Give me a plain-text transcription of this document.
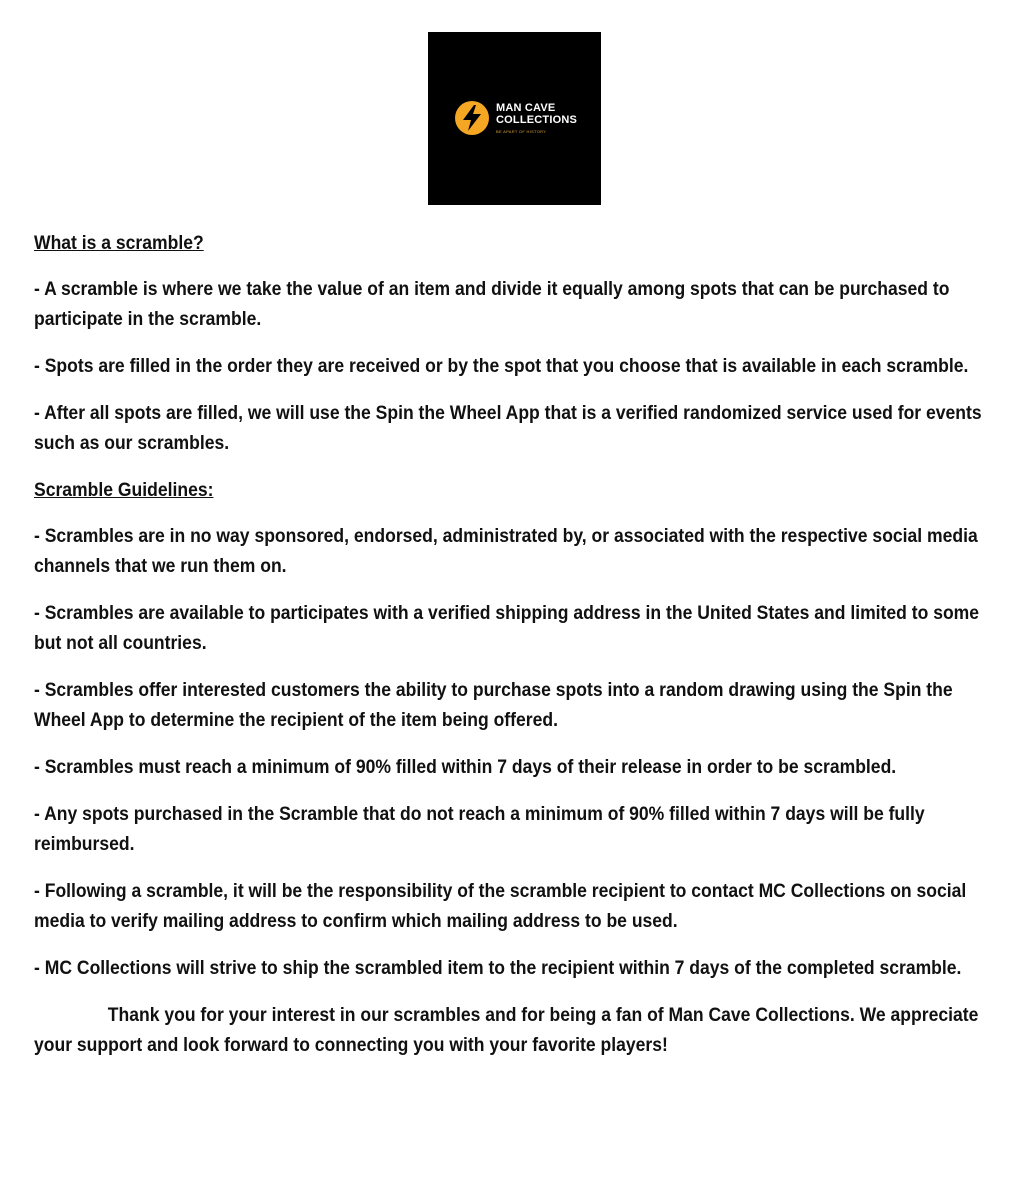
MAN CAVE
COLLECTIONS
BE APART OF HISTORY

What is a scramble?

- A scramble is where we take the value of an item and divide it equally among spots that can be purchased to participate in the scramble.

- Spots are filled in the order they are received or by the spot that you choose that is available in each scramble.

- After all spots are filled, we will use the Spin the Wheel App that is a verified randomized service used for events such as our scrambles.

Scramble Guidelines:

- Scrambles are in no way sponsored, endorsed, administrated by, or associated with the respective social media channels that we run them on.

- Scrambles are available to participates with a verified shipping address in the United States and limited to some but not all countries.

- Scrambles offer interested customers the ability to purchase spots into a random drawing using the Spin the Wheel App to determine the recipient of the item being offered.

- Scrambles must reach a minimum of 90% filled within 7 days of their release in order to be scrambled.

- Any spots purchased in the Scramble that do not reach a minimum of 90% filled within 7 days will be fully reimbursed.

- Following a scramble, it will be the responsibility of the scramble recipient to contact MC Collections on social media to verify mailing address to confirm which mailing address to be used.

- MC Collections will strive to ship the scrambled item to the recipient within 7 days of the completed scramble.

Thank you for your interest in our scrambles and for being a fan of Man Cave Collections. We appreciate your support and look forward to connecting you with your favorite players!
